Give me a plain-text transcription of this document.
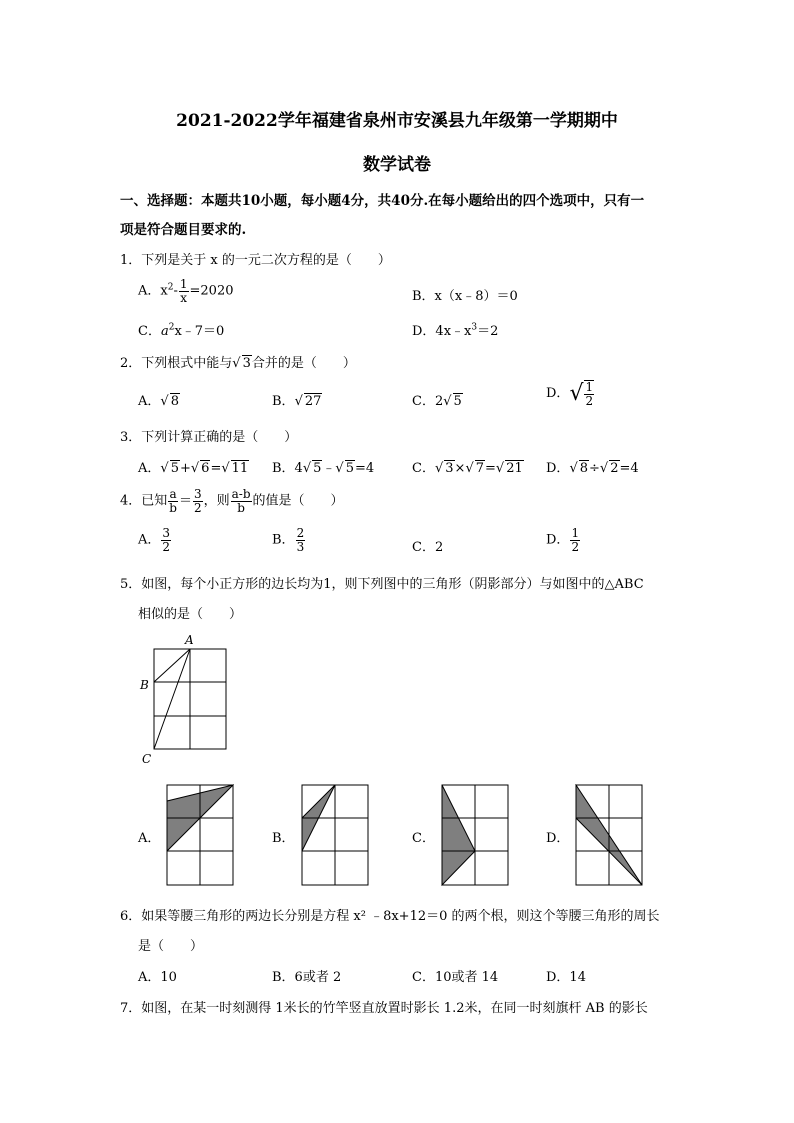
2021-2022学年福建省泉州市安溪县九年级第一学期期中
数学试卷
一、选择题：本题共10小题，每小题4分，共40分.在每小题给出的四个选项中，只有一
项是符合题目要求的.
1．下列是关于 x 的一元二次方程的是（　　）
A．$x^2- \frac{1}{x} =2020$	B．x（x﹣8）＝0
C．$a^2x﹣7=0$	D．$4x﹣x^3=2$
2．下列根式中能与√ 3合并的是（　　）
A．√ 8	B．√ 27	C．2√ 5
D．√ $\frac{1}{2}$
3．下列计算正确的是（　　）
A．√ 5+√ 6=√ 11 B．4√ 5﹣√ 5=4	C．√ 3×√ 7=√ 21 D．√ 8÷√ 2=4
4．已知 $\frac{a}{b} = \frac{3}{2}$ ，则 $\frac{a-b}{b}$ 的值是（　　）
A． $\frac{3}{2}$	B． $\frac{2}{3}$	C．2	D． $\frac{1}{2}$
5．如图，每个小正方形的边长均为1，则下列图中的三角形（阴影部分）与如图中的△ABC
相似的是（　　）
A
B
C
A．	B．	C．	D．
6．如果等腰三角形的两边长分别是方程 x² ﹣8x+12＝0 的两个根，则这个等腰三角形的周长
是（　　）
A．10	B．6或者 2	C．10或者 14	D．14
7．如图，在某一时刻测得 1米长的竹竿竖直放置时影长 1.2米，在同一时刻旗杆 AB 的影长
